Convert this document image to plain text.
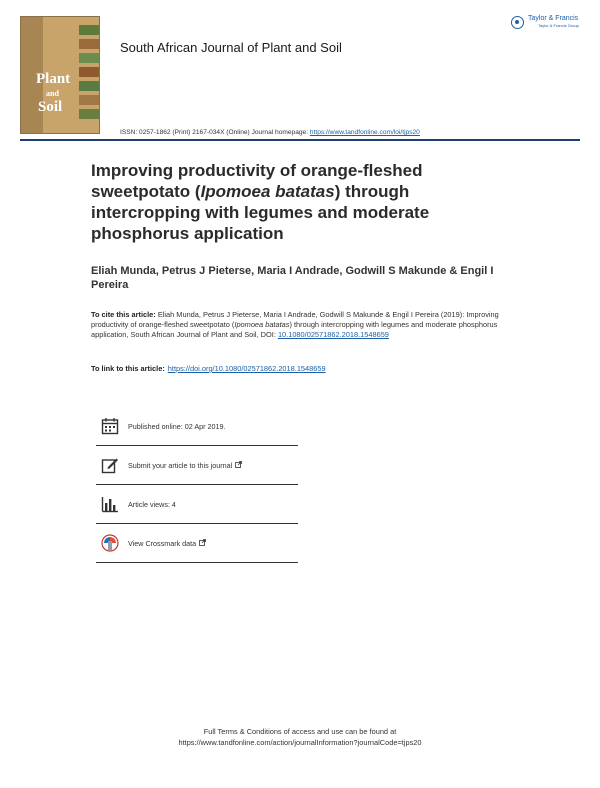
Plant
and
Soil
South African Journal of Plant and Soil
Taylor & Francis
Taylor & Francis Group
ISSN: 0257-1862 (Print) 2167-034X (Online) Journal homepage: https://www.tandfonline.com/loi/tjps20
Improving productivity of orange-fleshed sweetpotato (Ipomoea batatas) through intercropping with legumes and moderate phosphorus application
Eliah Munda, Petrus J Pieterse, Maria I Andrade, Godwill S Makunde & Engil I Pereira
To cite this article: Eliah Munda, Petrus J Pieterse, Maria I Andrade, Godwill S Makunde & Engil I Pereira (2019): Improving productivity of orange-fleshed sweetpotato (Ipomoea batatas) through intercropping with legumes and moderate phosphorus application, South African Journal of Plant and Soil, DOI: 10.1080/02571862.2018.1548659
To link to this article: https://doi.org/10.1080/02571862.2018.1548659
Published online: 02 Apr 2019.
Submit your article to this journal
Article views: 4
View Crossmark data
Full Terms & Conditions of access and use can be found at
https://www.tandfonline.com/action/journalInformation?journalCode=tjps20
